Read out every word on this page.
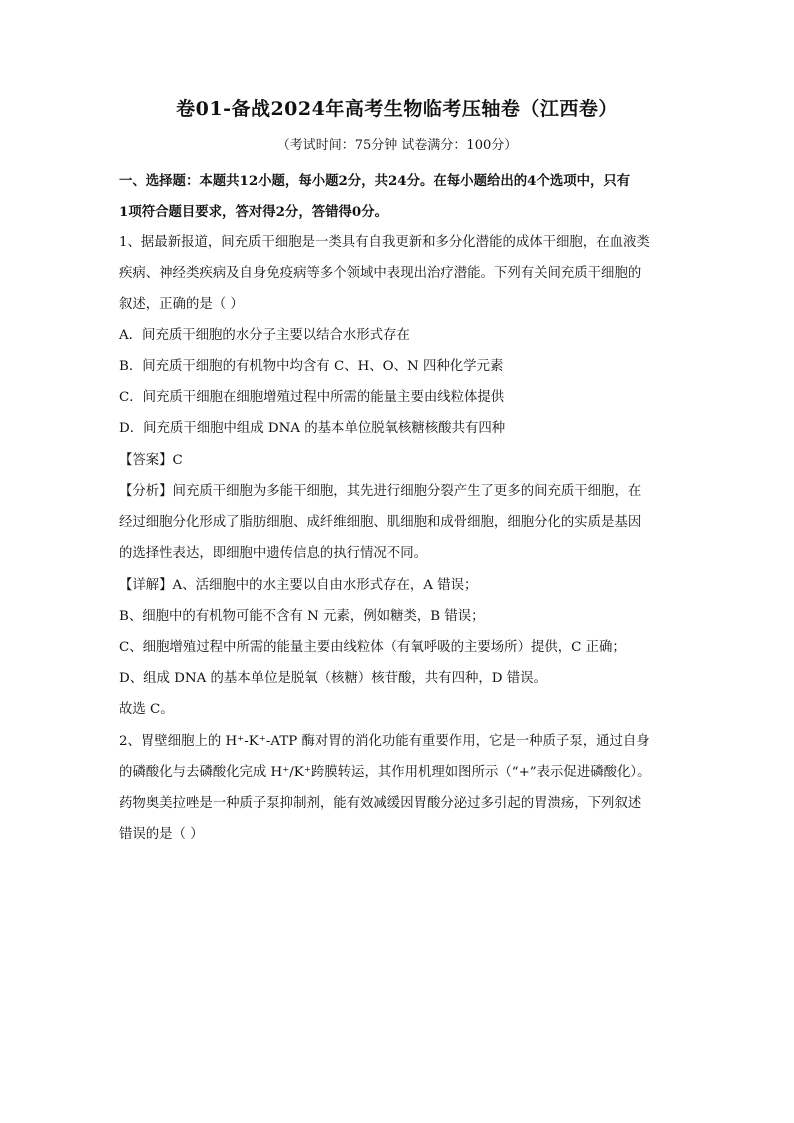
卷01-备战2024年高考生物临考压轴卷（江西卷）
（考试时间：75分钟 试卷满分：100分）
一、选择题：本题共12小题，每小题2分，共24分。在每小题给出的4个选项中，只有
1项符合题目要求，答对得2分，答错得0分。
1、据最新报道，间充质干细胞是一类具有自我更新和多分化潜能的成体干细胞，在血液类
疾病、神经类疾病及自身免疫病等多个领域中表现出治疗潜能。下列有关间充质干细胞的
叙述，正确的是（ ）
A．间充质干细胞的水分子主要以结合水形式存在
B．间充质干细胞的有机物中均含有 C、H、O、N 四种化学元素
C．间充质干细胞在细胞增殖过程中所需的能量主要由线粒体提供
D．间充质干细胞中组成 DNA 的基本单位脱氧核糖核酸共有四种
【答案】C
【分析】间充质干细胞为多能干细胞，其先进行细胞分裂产生了更多的间充质干细胞，在
经过细胞分化形成了脂肪细胞、成纤维细胞、肌细胞和成骨细胞，细胞分化的实质是基因
的选择性表达，即细胞中遗传信息的执行情况不同。
【详解】A、活细胞中的水主要以自由水形式存在，A 错误；
B、细胞中的有机物可能不含有 N 元素，例如糖类，B 错误；
C、细胞增殖过程中所需的能量主要由线粒体（有氧呼吸的主要场所）提供，C 正确；
D、组成 DNA 的基本单位是脱氧（核糖）核苷酸，共有四种，D 错误。
故选 C。
2、胃壁细胞上的 H⁺-K⁺-ATP 酶对胃的消化功能有重要作用，它是一种质子泵，通过自身
的磷酸化与去磷酸化完成 H⁺/K⁺跨膜转运，其作用机理如图所示（“+”表示促进磷酸化）。
药物奥美拉唑是一种质子泵抑制剂，能有效减缓因胃酸分泌过多引起的胃溃疡，下列叙述
错误的是（ ）
